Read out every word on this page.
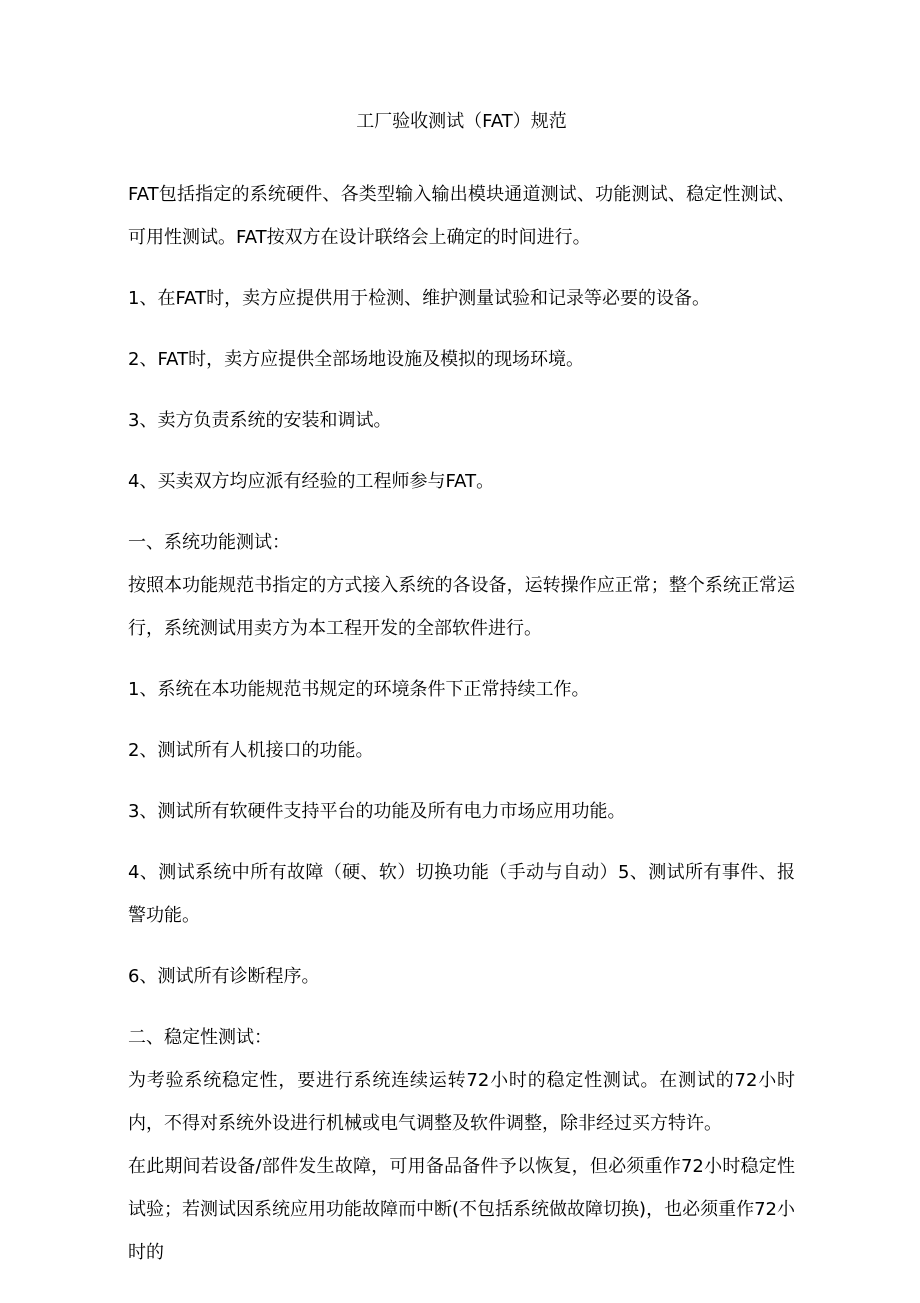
工厂验收测试（FAT）规范

FAT包括指定的系统硬件、各类型输入输出模块通道测试、功能测试、稳定性测试、可用性测试。FAT按双方在设计联络会上确定的时间进行。

1、在FAT时，卖方应提供用于检测、维护测量试验和记录等必要的设备。

2、FAT时，卖方应提供全部场地设施及模拟的现场环境。

3、卖方负责系统的安装和调试。

4、买卖双方均应派有经验的工程师参与FAT。

一、系统功能测试：

按照本功能规范书指定的方式接入系统的各设备，运转操作应正常；整个系统正常运行，系统测试用卖方为本工程开发的全部软件进行。

1、系统在本功能规范书规定的环境条件下正常持续工作。

2、测试所有人机接口的功能。

3、测试所有软硬件支持平台的功能及所有电力市场应用功能。

4、测试系统中所有故障（硬、软）切换功能（手动与自动）5、测试所有事件、报警功能。

6、测试所有诊断程序。

二、稳定性测试：

为考验系统稳定性，要进行系统连续运转72小时的稳定性测试。在测试的72小时内，不得对系统外设进行机械或电气调整及软件调整，除非经过买方特许。

在此期间若设备/部件发生故障，可用备品备件予以恢复，但必须重作72小时稳定性试验；若测试因系统应用功能故障而中断(不包括系统做故障切换)，也必须重作72小时的
